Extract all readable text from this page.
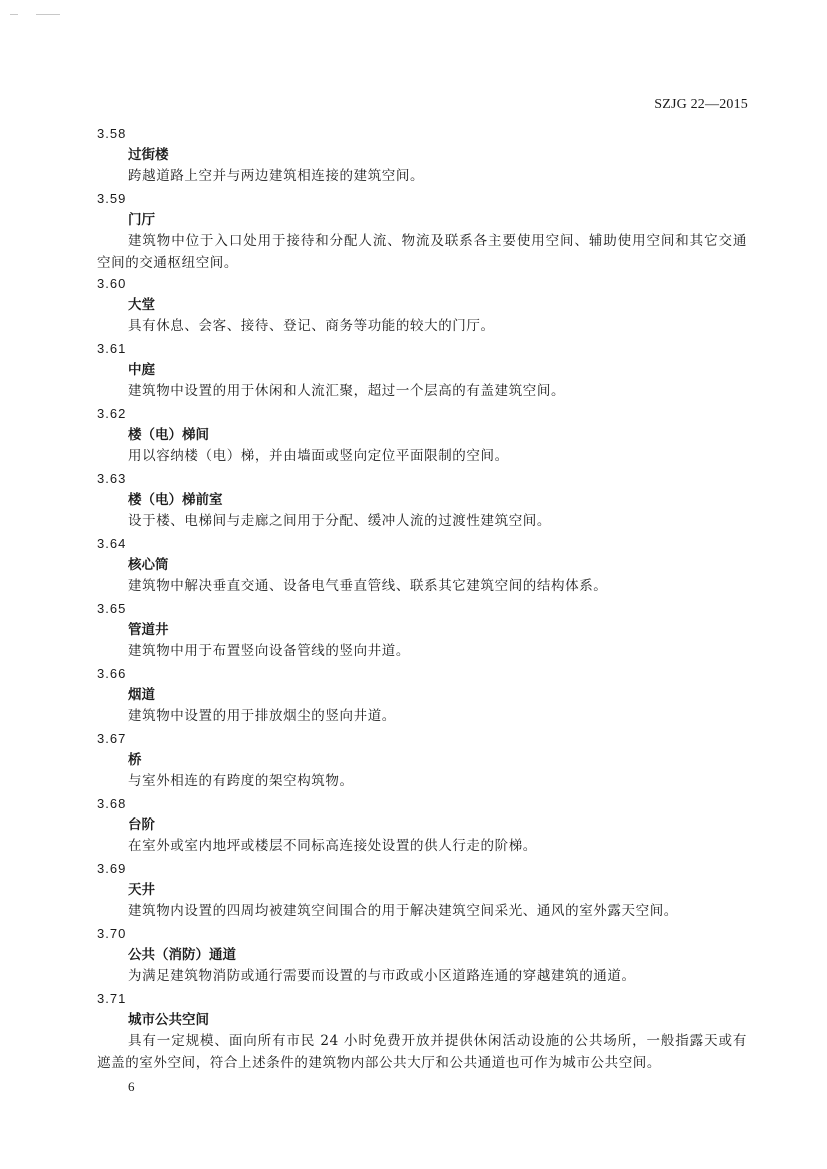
SZJG 22—2015
3.58
过街楼
跨越道路上空并与两边建筑相连接的建筑空间。
3.59
门厅
建筑物中位于入口处用于接待和分配人流、物流及联系各主要使用空间、辅助使用空间和其它交通空间的交通枢纽空间。
3.60
大堂
具有休息、会客、接待、登记、商务等功能的较大的门厅。
3.61
中庭
建筑物中设置的用于休闲和人流汇聚，超过一个层高的有盖建筑空间。
3.62
楼（电）梯间
用以容纳楼（电）梯，并由墙面或竖向定位平面限制的空间。
3.63
楼（电）梯前室
设于楼、电梯间与走廊之间用于分配、缓冲人流的过渡性建筑空间。
3.64
核心筒
建筑物中解决垂直交通、设备电气垂直管线、联系其它建筑空间的结构体系。
3.65
管道井
建筑物中用于布置竖向设备管线的竖向井道。
3.66
烟道
建筑物中设置的用于排放烟尘的竖向井道。
3.67
桥
与室外相连的有跨度的架空构筑物。
3.68
台阶
在室外或室内地坪或楼层不同标高连接处设置的供人行走的阶梯。
3.69
天井
建筑物内设置的四周均被建筑空间围合的用于解决建筑空间采光、通风的室外露天空间。
3.70
公共（消防）通道
为满足建筑物消防或通行需要而设置的与市政或小区道路连通的穿越建筑的通道。
3.71
城市公共空间
具有一定规模、面向所有市民 24 小时免费开放并提供休闲活动设施的公共场所，一般指露天或有遮盖的室外空间，符合上述条件的建筑物内部公共大厅和公共通道也可作为城市公共空间。
6
